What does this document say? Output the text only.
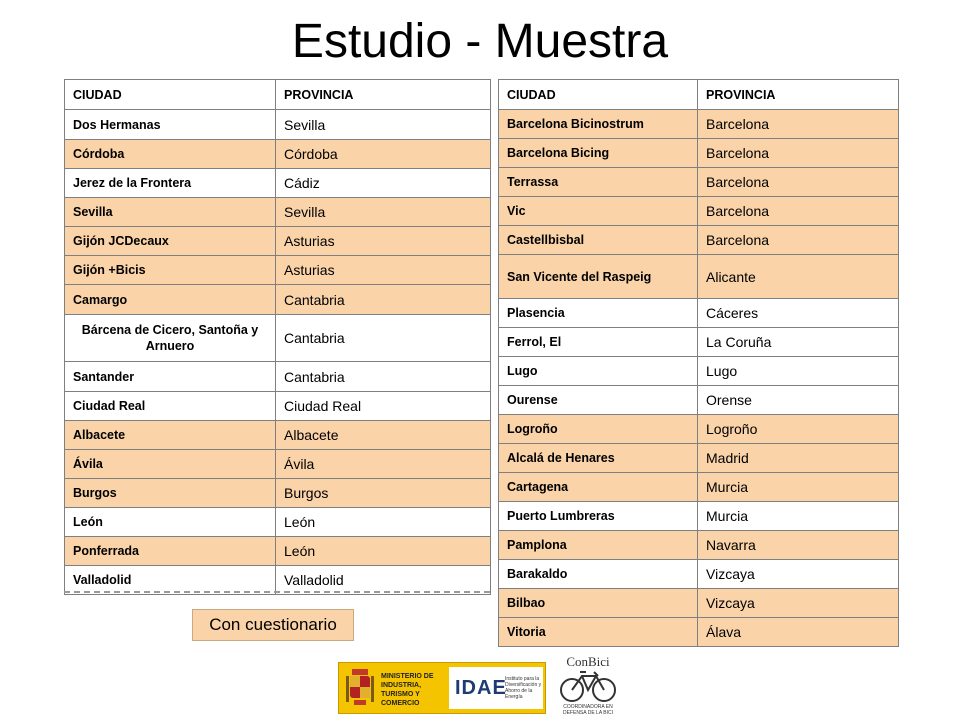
Estudio - Muestra
CIUDAD	PROVINCIA
Dos Hermanas	Sevilla
Córdoba	Córdoba
Jerez de la Frontera	Cádiz
Sevilla	Sevilla
Gijón JCDecaux	Asturias
Gijón +Bicis	Asturias
Camargo	Cantabria
Bárcena de Cicero, Santoña y Arnuero	Cantabria
Santander	Cantabria
Ciudad Real	Ciudad Real
Albacete	Albacete
Ávila	Ávila
Burgos	Burgos
León	León
Ponferrada	León
Valladolid	Valladolid
CIUDAD	PROVINCIA
Barcelona Bicinostrum	Barcelona
Barcelona Bicing	Barcelona
Terrassa	Barcelona
Vic	Barcelona
Castellbisbal	Barcelona
San Vicente del Raspeig	Alicante
Plasencia	Cáceres
Ferrol, El	La Coruña
Lugo	Lugo
Ourense	Orense
Logroño	Logroño
Alcalá de Henares	Madrid
Cartagena	Murcia
Puerto Lumbreras	Murcia
Pamplona	Navarra
Barakaldo	Vizcaya
Bilbao	Vizcaya
Vitoria	Álava
Con cuestionario
MINISTERIO DE INDUSTRIA, TURISMO Y COMERCIO
IDAE
Instituto para la Diversificación y Ahorro de la Energía
ConBici
COORDINADORA EN DEFENSA DE LA BICI
